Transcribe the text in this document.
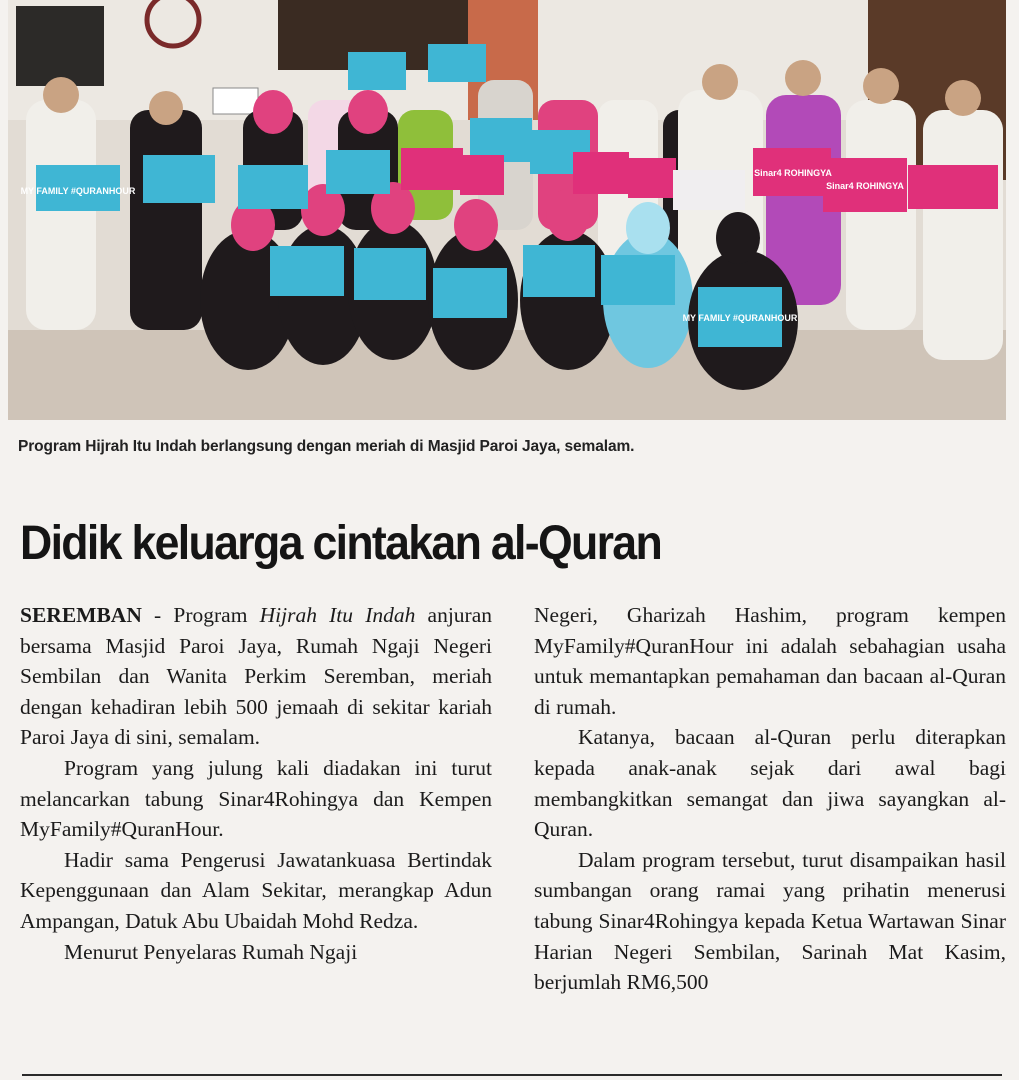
MY FAMILY #QURANHOUR
MY FAMILY #QURANHOUR
Sinar4 ROHINGYA
Sinar4 ROHINGYA
Program Hijrah Itu Indah berlangsung dengan meriah di Masjid Paroi Jaya, semalam.
Didik keluarga cintakan al-Quran

SEREMBAN - Program Hijrah Itu Indah anjuran bersama Masjid Paroi Jaya, Rumah Ngaji Negeri Sembilan dan Wanita Perkim Seremban, meriah dengan kehadiran lebih 500 jemaah di sekitar kariah Paroi Jaya di sini, semalam.

Program yang julung kali diadakan ini turut melancarkan tabung Sinar4Rohingya dan Kempen MyFamily#QuranHour.

Hadir sama Pengerusi Jawatankuasa Bertindak Kepenggunaan dan Alam Sekitar, merangkap Adun Ampangan, Datuk Abu Ubaidah Mohd Redza.

Menurut Penyelaras Rumah Ngaji

Negeri, Gharizah Hashim, program kempen MyFamily#QuranHour ini adalah sebahagian usaha untuk memantapkan pemahaman dan bacaan al-Quran di rumah.

Katanya, bacaan al-Quran perlu diterapkan kepada anak-anak sejak dari awal bagi membangkitkan semangat dan jiwa sayangkan al-Quran.

Dalam program tersebut, turut disampaikan hasil sumbangan orang ramai yang prihatin menerusi tabung Sinar4Rohingya kepada Ketua Wartawan Sinar Harian Negeri Sembilan, Sarinah Mat Kasim, berjumlah RM6,500
